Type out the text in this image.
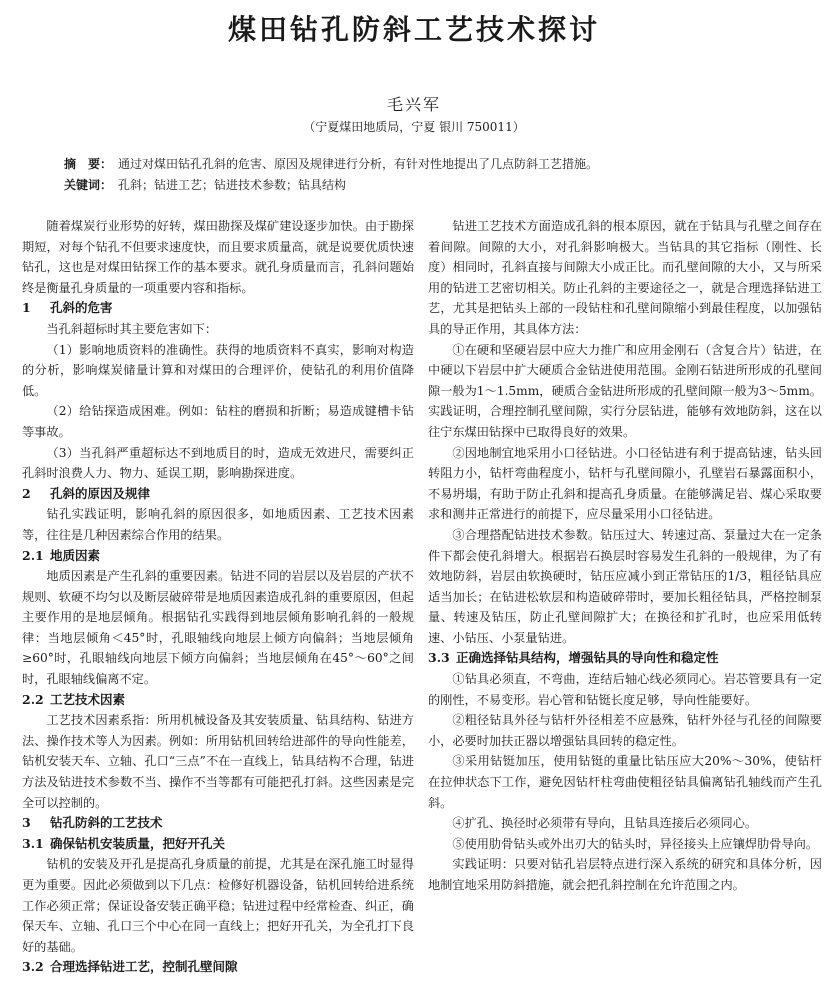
煤田钻孔防斜工艺技术探讨
毛兴军
（宁夏煤田地质局，宁夏 银川 750011）
摘　要： 通过对煤田钻孔孔斜的危害、原因及规律进行分析，有针对性地提出了几点防斜工艺措施。
关键词： 孔斜；钻进工艺；钻进技术参数；钻具结构

随着煤炭行业形势的好转，煤田勘探及煤矿建设逐步加快。由于勘探期短，对每个钻孔不但要求速度快，而且要求质量高，就是说要优质快速钻孔，这也是对煤田钻探工作的基本要求。就孔身质量而言，孔斜问题始终是衡量孔身质量的一项重要内容和指标。

1 孔斜的危害

当孔斜超标时其主要危害如下：

（1）影响地质资料的准确性。获得的地质资料不真实，影响对构造的分析，影响煤炭储量计算和对煤田的合理评价，使钻孔的利用价值降低。

（2）给钻探造成困难。例如：钻柱的磨损和折断；易造成键槽卡钻等事故。

（3）当孔斜严重超标达不到地质目的时，造成无效进尺，需要纠正孔斜时浪费人力、物力、延误工期，影响勘探进度。

2 孔斜的原因及规律

钻孔实践证明，影响孔斜的原因很多，如地质因素、工艺技术因素等，往往是几种因素综合作用的结果。

2.1 地质因素

地质因素是产生孔斜的重要因素。钻进不同的岩层以及岩层的产状不规则、软硬不均匀以及断层破碎带是地质因素造成孔斜的重要原因，但起主要作用的是地层倾角。根据钻孔实践得到地层倾角影响孔斜的一般规律：当地层倾角＜45°时，孔眼轴线向地层上倾方向偏斜；当地层倾角≥60°时，孔眼轴线向地层下倾方向偏斜；当地层倾角在45°～60°之间时，孔眼轴线偏离不定。

2.2 工艺技术因素

工艺技术因素系指：所用机械设备及其安装质量、钻具结构、钻进方法、操作技术等人为因素。例如：所用钻机回转给进部件的导向性能差，钻机安装天车、立轴、孔口“三点”不在一直线上，钻具结构不合理，钻进方法及钻进技术参数不当、操作不当等都有可能把孔打斜。这些因素是完全可以控制的。

3 钻孔防斜的工艺技术
3.1 确保钻机安装质量，把好开孔关

钻机的安装及开孔是提高孔身质量的前提，尤其是在深孔施工时显得更为重要。因此必须做到以下几点：检修好机器设备，钻机回转给进系统工作必须正常；保证设备安装正确平稳；钻进过程中经常检查、纠正，确保天车、立轴、孔口三个中心在同一直线上；把好开孔关，为全孔打下良好的基础。

3.2 合理选择钻进工艺，控制孔壁间隙

钻进工艺技术方面造成孔斜的根本原因，就在于钻具与孔壁之间存在着间隙。间隙的大小，对孔斜影响极大。当钻具的其它指标（刚性、长度）相同时，孔斜直接与间隙大小成正比。而孔壁间隙的大小，又与所采用的钻进工艺密切相关。防止孔斜的主要途径之一，就是合理选择钻进工艺，尤其是把钻头上部的一段钻柱和孔壁间隙缩小到最佳程度，以加强钻具的导正作用，其具体方法：

①在硬和坚硬岩层中应大力推广和应用金刚石（含复合片）钻进，在中硬以下岩层中扩大硬质合金钻进使用范围。金刚石钻进所形成的孔壁间隙一般为1～1.5mm，硬质合金钻进所形成的孔壁间隙一般为3～5mm。实践证明，合理控制孔壁间隙，实行分层钻进，能够有效地防斜，这在以往宁东煤田钻探中已取得良好的效果。

②因地制宜地采用小口径钻进。小口径钻进有利于提高钻速，钻头回转阻力小，钻杆弯曲程度小，钻杆与孔壁间隙小，孔壁岩石暴露面积小，不易坍塌，有助于防止孔斜和提高孔身质量。在能够满足岩、煤心采取要求和测井正常进行的前提下，应尽量采用小口径钻进。

③合理搭配钻进技术参数。钻压过大、转速过高、泵量过大在一定条件下都会使孔斜增大。根据岩石换层时容易发生孔斜的一般规律，为了有效地防斜，岩层由软换硬时，钻压应减小到正常钻压的1/3，粗径钻具应适当加长；在钻进松软层和构造破碎带时，要加长粗径钻具，严格控制泵量、转速及钻压，防止孔壁间隙扩大；在换径和扩孔时，也应采用低转速、小钻压、小泵量钻进。

3.3 正确选择钻具结构，增强钻具的导向性和稳定性

①钻具必须直，不弯曲，连结后轴心线必须同心。岩芯管要具有一定的刚性，不易变形。岩心管和钻铤长度足够，导向性能要好。

②粗径钻具外径与钻杆外径相差不应悬殊，钻杆外径与孔径的间隙要小，必要时加扶正器以增强钻具回转的稳定性。

③采用钻铤加压，使用钻铤的重量比钻压应大20%～30%，使钻杆在拉伸状态下工作，避免因钻杆柱弯曲使粗径钻具偏离钻孔轴线而产生孔斜。

④扩孔、换径时必须带有导向，且钻具连接后必须同心。

⑤使用肋骨钻头或外出刃大的钻头时，异径接头上应镶焊肋骨导向。

实践证明：只要对钻孔岩层特点进行深入系统的研究和具体分析，因地制宜地采用防斜措施，就会把孔斜控制在允许范围之内。
